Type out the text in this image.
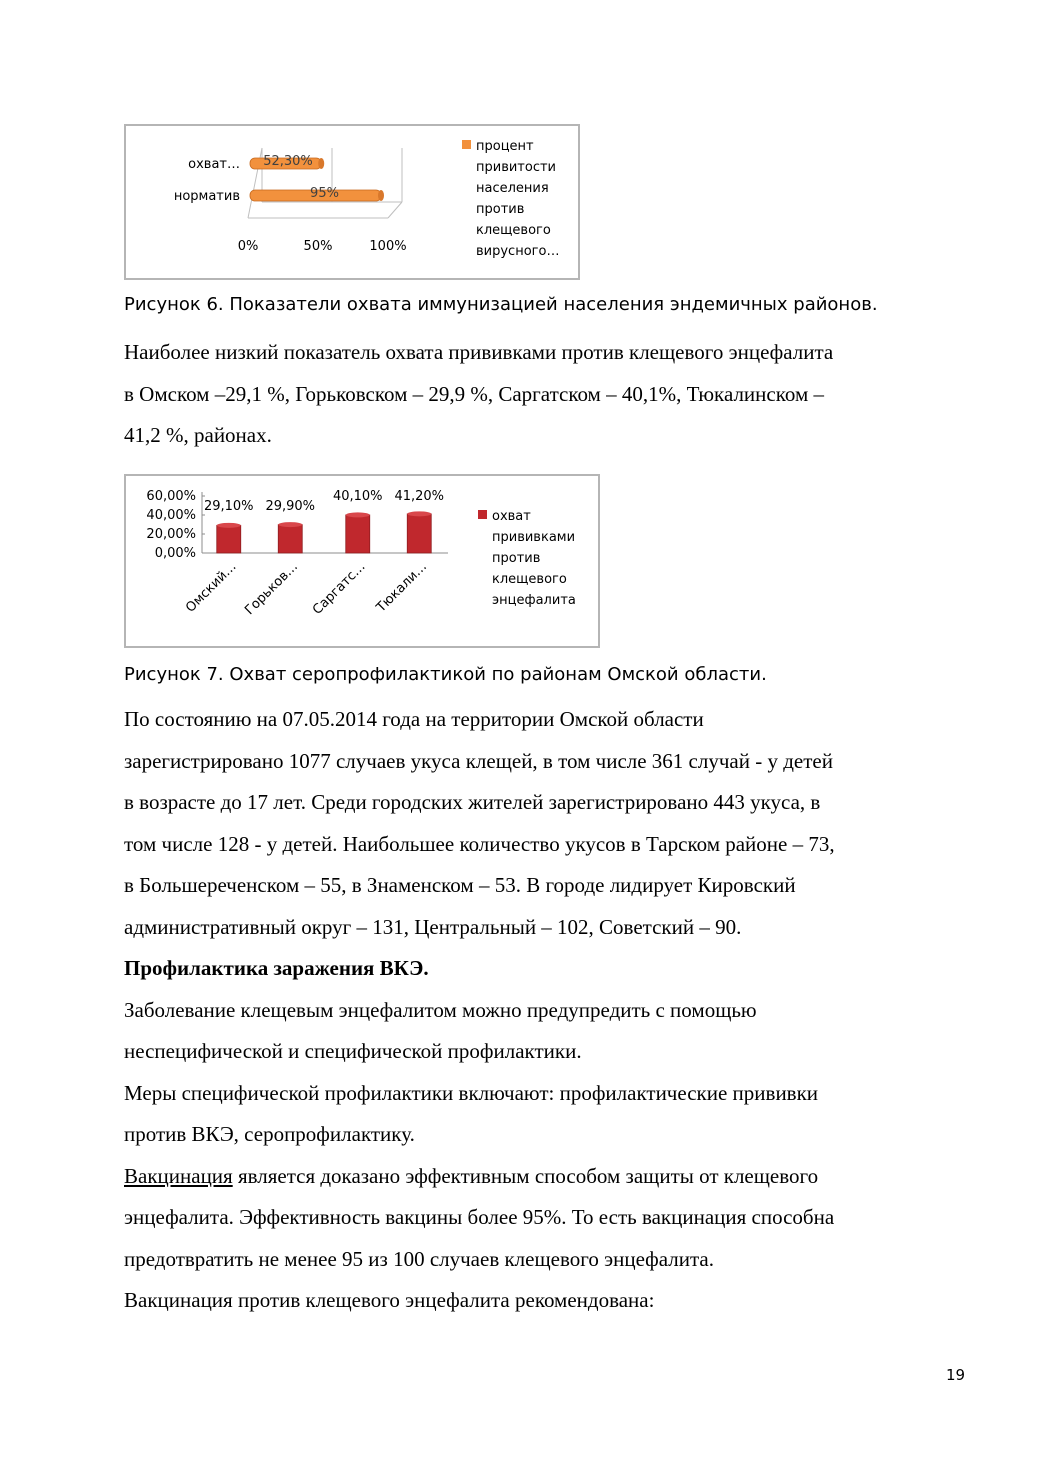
0%	50%	100%
охват… 52,30%
норматив	95%
процент
привитости
населения
против
клещевого
вирусного…
Рисунок 6. Показатели охвата иммунизацией населения эндемичных районов.
Наиболее низкий показатель охвата прививками против клещевого энцефалита
в Омском –29,1 %, Горьковском – 29,9 %, Саргатском – 40,1%, Тюкалинском –
41,2 %, районах.
60,00%
40,00%
20,00%
0,00%
29,10%
Омский…
29,90%
Горьков…
40,10%
Саргатс…
41,20%
Тюкали…
охват
прививками
против
клещевого
энцефалита
Рисунок 7. Охват серопрофилактикой по районам Омской области.
По состоянию на 07.05.2014 года на территории Омской области
зарегистрировано 1077 случаев укуса клещей, в том числе 361 случай - у детей
в возрасте до 17 лет. Среди городских жителей зарегистрировано 443 укуса, в
том числе 128 - у детей. Наибольшее количество укусов в Тарском районе – 73,
в Большереченском – 55, в Знаменском – 53. В городе лидирует Кировский
административный округ – 131, Центральный – 102, Советский – 90.
Профилактика заражения ВКЭ.
Заболевание клещевым энцефалитом можно предупредить с помощью
неспецифической и специфической профилактики.
Меры специфической профилактики включают: профилактические прививки
против ВКЭ, серопрофилактику.
Вакцинация является доказано эффективным способом защиты от клещевого
энцефалита. Эффективность вакцины более 95%. То есть вакцинация способна
предотвратить не менее 95 из 100 случаев клещевого энцефалита.
Вакцинация против клещевого энцефалита рекомендована:
19
